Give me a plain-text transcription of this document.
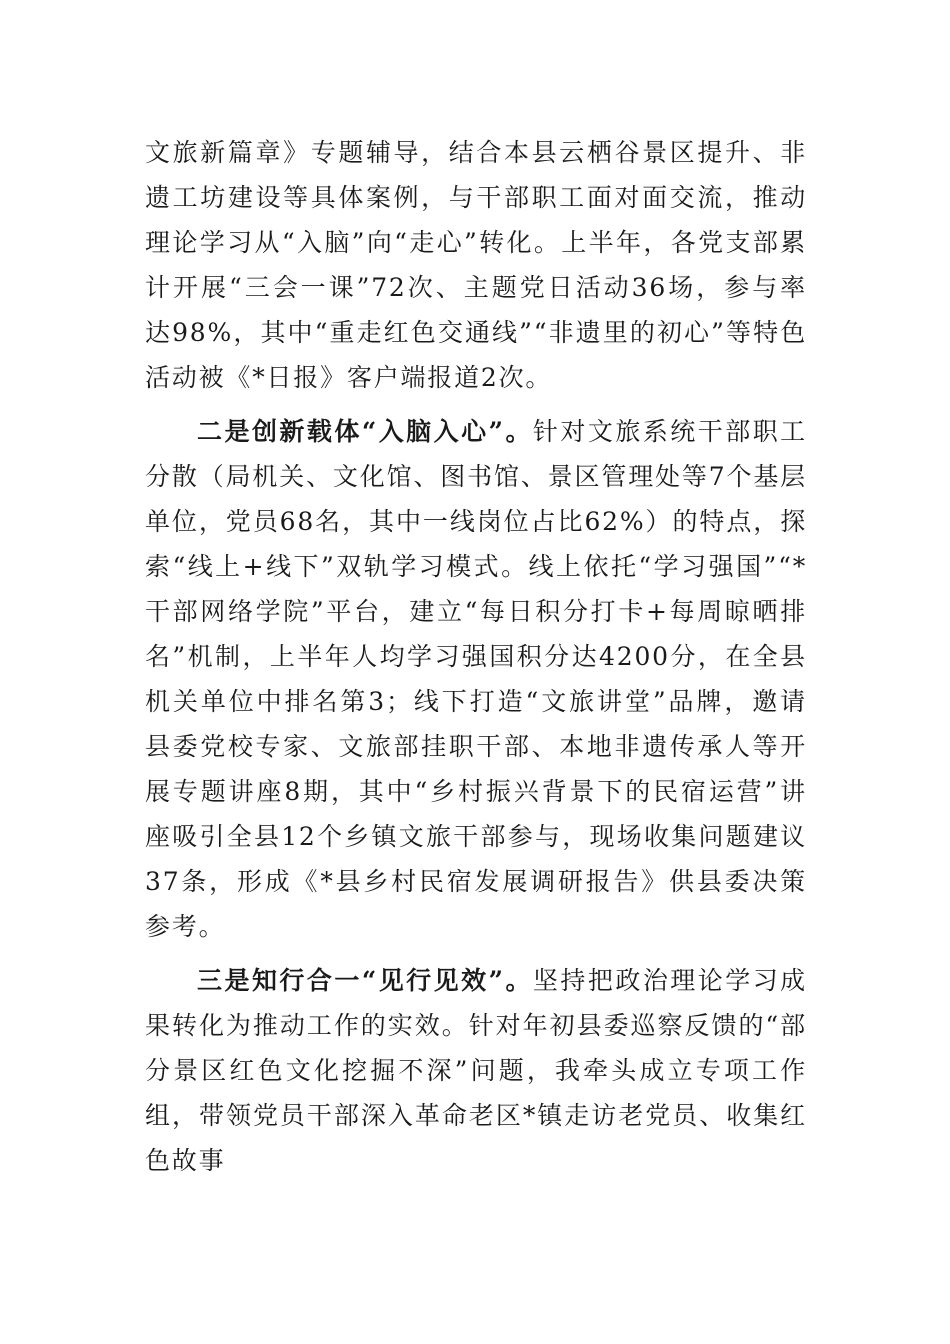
文旅新篇章》专题辅导，结合本县云栖谷景区提升、非遗工坊建设等具体案例，与干部职工面对面交流，推动理论学习从“入脑”向“走心”转化。上半年，各党支部累计开展“三会一课”72次、主题党日活动36场，参与率达98%，其中“重走红色交通线”“非遗里的初心”等特色活动被《*日报》客户端报道2次。

二是创新载体“入脑入心”。针对文旅系统干部职工分散（局机关、文化馆、图书馆、景区管理处等7个基层单位，党员68名，其中一线岗位占比62%）的特点，探索“线上+线下”双轨学习模式。线上依托“学习强国”“*干部网络学院”平台，建立“每日积分打卡+每周晾晒排名”机制，上半年人均学习强国积分达4200分，在全县机关单位中排名第3；线下打造“文旅讲堂”品牌，邀请县委党校专家、文旅部挂职干部、本地非遗传承人等开展专题讲座8期，其中“乡村振兴背景下的民宿运营”讲座吸引全县12个乡镇文旅干部参与，现场收集问题建议37条，形成《*县乡村民宿发展调研报告》供县委决策参考。

三是知行合一“见行见效”。坚持把政治理论学习成果转化为推动工作的实效。针对年初县委巡察反馈的“部分景区红色文化挖掘不深”问题，我牵头成立专项工作组，带领党员干部深入革命老区*镇走访老党员、收集红色故事
